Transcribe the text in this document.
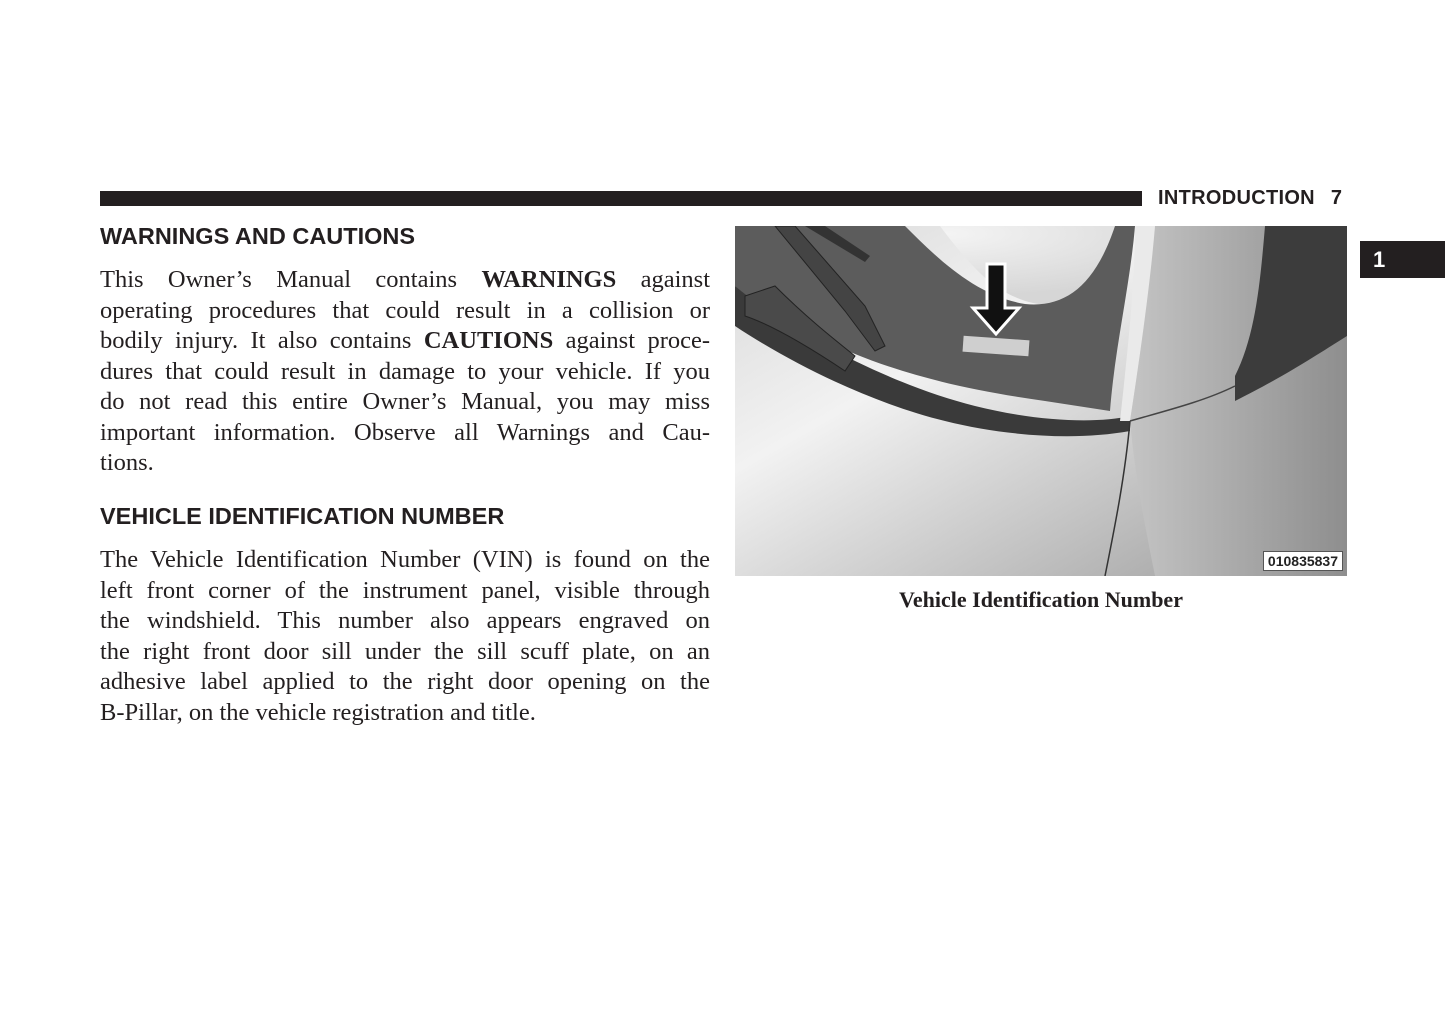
INTRODUCTION 7
1
WARNINGS AND CAUTIONS
This Owner’s Manual contains WARNINGS against
operating procedures that could result in a collision or
bodily injury. It also contains CAUTIONS against proce-
dures that could result in damage to your vehicle. If you
do not read this entire Owner’s Manual, you may miss
important information. Observe all Warnings and Cau-
tions.
VEHICLE IDENTIFICATION NUMBER
The Vehicle Identification Number (VIN) is found on the
left front corner of the instrument panel, visible through
the windshield. This number also appears engraved on
the right front door sill under the sill scuff plate, on an
adhesive label applied to the right door opening on the
B-Pillar, on the vehicle registration and title.
010835837
Vehicle Identification Number
